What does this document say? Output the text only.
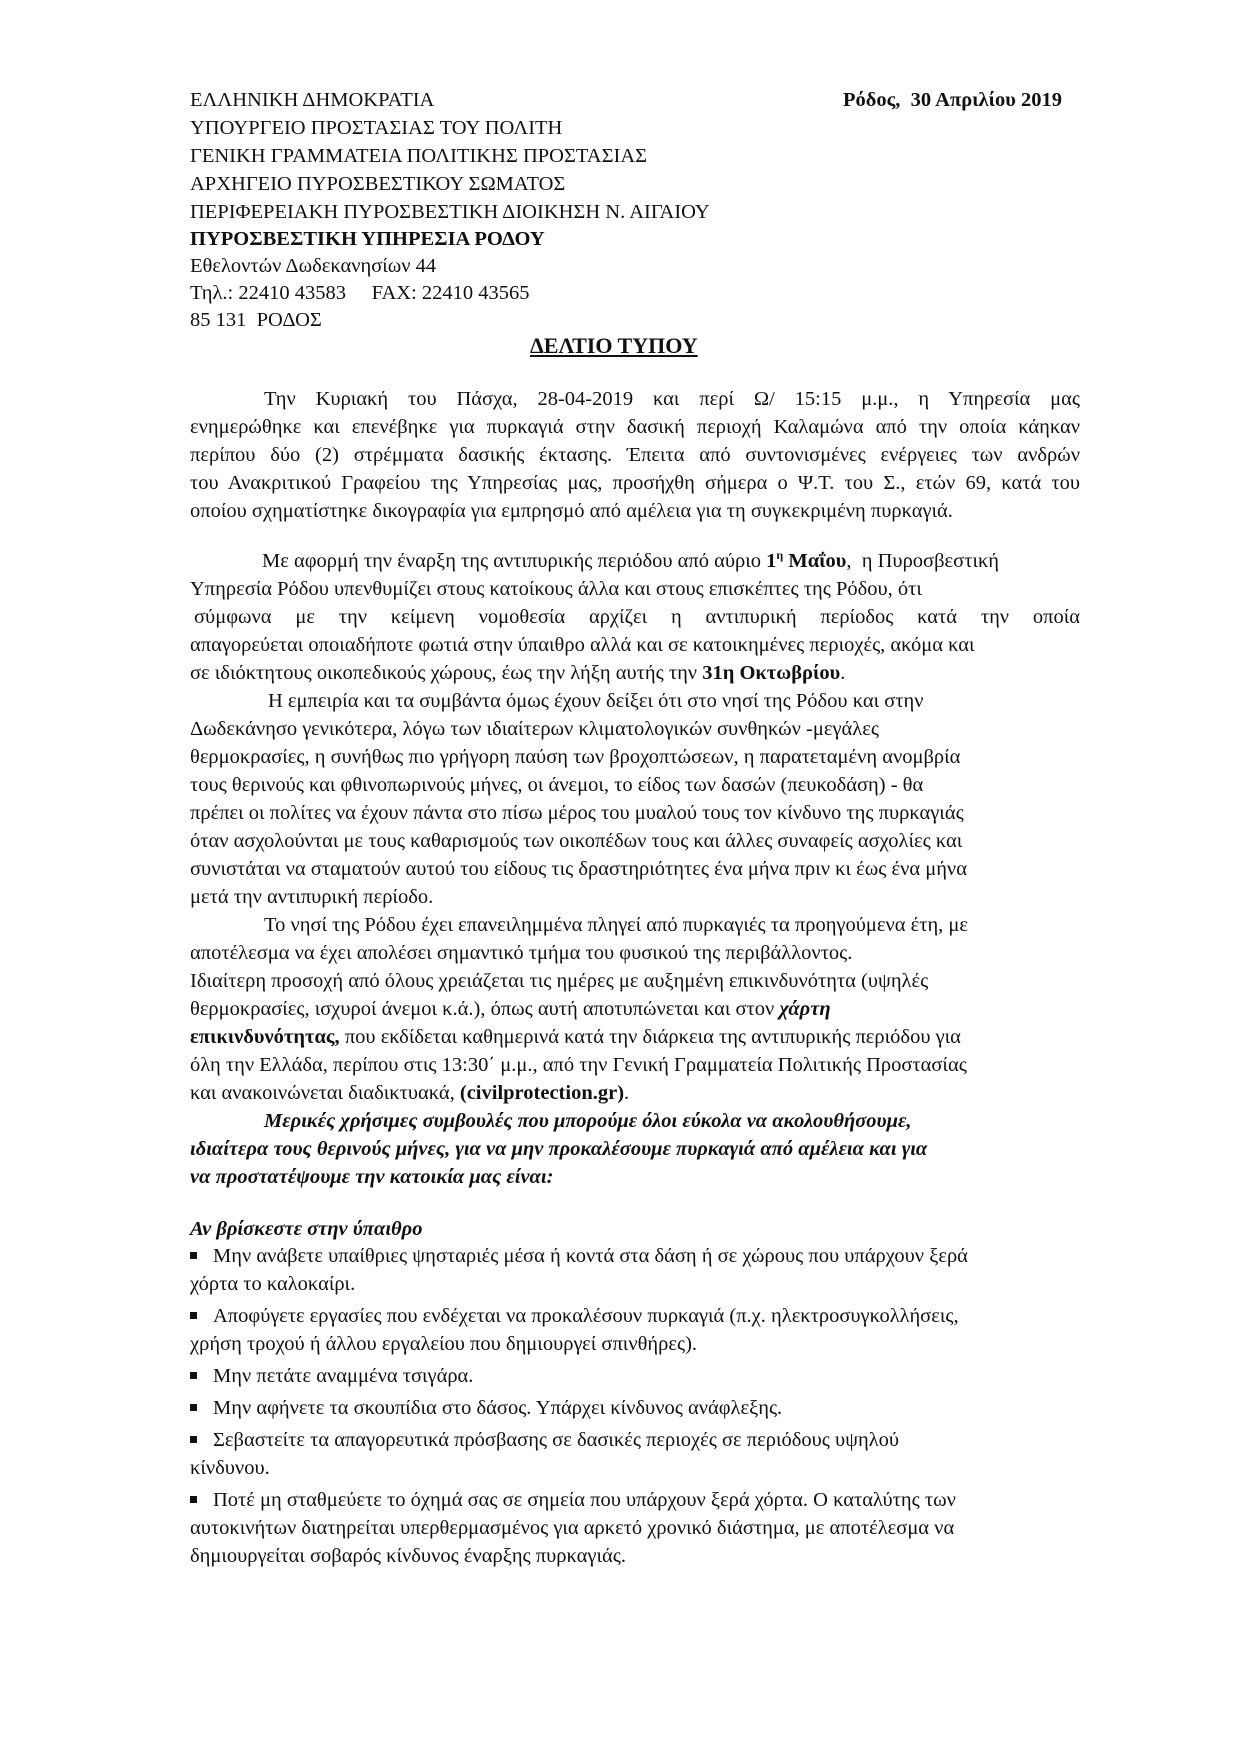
ΕΛΛΗΝΙΚΗ ΔΗΜΟΚΡΑΤΙΑ
ΥΠΟΥΡΓΕΙΟ ΠΡΟΣΤΑΣΙΑΣ ΤΟΥ ΠΟΛΙΤΗ
ΓΕΝΙΚΗ ΓΡΑΜΜΑΤΕΙΑ ΠΟΛΙΤΙΚΗΣ ΠΡΟΣΤΑΣΙΑΣ
ΑΡΧΗΓΕΙΟ ΠΥΡΟΣΒΕΣΤΙΚΟΥ ΣΩΜΑΤΟΣ
ΠΕΡΙΦΕΡΕΙΑΚΗ ΠΥΡΟΣΒΕΣΤΙΚΗ ΔΙΟΙΚΗΣΗ Ν. ΑΙΓΑΙΟΥ
ΠΥΡΟΣΒΕΣΤΙΚΗ ΥΠΗΡΕΣΙΑ ΡΟΔΟΥ
Εθελοντών Δωδεκανησίων 44
Τηλ.: 22410 43583     FAX: 22410 43565
85 131  ΡΟΔΟΣ
Ρόδος,  30 Απριλίου 2019
ΔΕΛΤΙΟ ΤΥΠΟΥ
Την Κυριακή του Πάσχα, 28-04-2019 και περί Ω/ 15:15 μ.μ., η Υπηρεσία μας
ενημερώθηκε και επενέβηκε για πυρκαγιά στην δασική περιοχή Καλαμώνα από την οποία κάηκαν
περίπου δύο (2) στρέμματα δασικής έκτασης. Έπειτα από συντονισμένες ενέργειες των ανδρών
του Ανακριτικού Γραφείου της Υπηρεσίας μας, προσήχθη σήμερα ο Ψ.Τ. του Σ., ετών 69, κατά του
οποίου σχηματίστηκε δικογραφία για εμπρησμό από αμέλεια για τη συγκεκριμένη πυρκαγιά.
Με αφορμή την έναρξη της αντιπυρικής περιόδου από αύριο $1^\eta$ Μαΐου,  η Πυροσβεστική
Υπηρεσία Ρόδου υπενθυμίζει στους κατοίκους άλλα και στους επισκέπτες της Ρόδου, ότι
σύμφωνα με την κείμενη νομοθεσία αρχίζει η αντιπυρική περίοδος κατά την οποία
απαγορεύεται οποιαδήποτε φωτιά στην ύπαιθρο αλλά και σε κατοικημένες περιοχές, ακόμα και
σε ιδιόκτητους οικοπεδικούς χώρους, έως την λήξη αυτής την 31η Οκτωβρίου.
Η εμπειρία και τα συμβάντα όμως έχουν δείξει ότι στο νησί της Ρόδου και στην
Δωδεκάνησο γενικότερα, λόγω των ιδιαίτερων κλιματολογικών συνθηκών -μεγάλες
θερμοκρασίες, η συνήθως πιο γρήγορη παύση των βροχοπτώσεων, η παρατεταμένη ανομβρία
τους θερινούς και φθινοπωρινούς μήνες, οι άνεμοι, το είδος των δασών (πευκοδάση) - θα
πρέπει οι πολίτες να έχουν πάντα στο πίσω μέρος του μυαλού τους τον κίνδυνο της πυρκαγιάς
όταν ασχολούνται με τους καθαρισμούς των οικοπέδων τους και άλλες συναφείς ασχολίες και
συνιστάται να σταματούν αυτού του είδους τις δραστηριότητες ένα μήνα πριν κι έως ένα μήνα
μετά την αντιπυρική περίοδο.
Το νησί της Ρόδου έχει επανειλημμένα πληγεί από πυρκαγιές τα προηγούμενα έτη, με
αποτέλεσμα να έχει απολέσει σημαντικό τμήμα του φυσικού της περιβάλλοντος.
Ιδιαίτερη προσοχή από όλους χρειάζεται τις ημέρες με αυξημένη επικινδυνότητα (υψηλές
θερμοκρασίες, ισχυροί άνεμοι κ.ά.), όπως αυτή αποτυπώνεται και στον χάρτη
επικινδυνότητας, που εκδίδεται καθημερινά κατά την διάρκεια της αντιπυρικής περιόδου για
όλη την Ελλάδα, περίπου στις 13:30΄ μ.μ., από την Γενική Γραμματεία Πολιτικής Προστασίας
και ανακοινώνεται διαδικτυακά, (civilprotection.gr).
Μερικές χρήσιμες συμβουλές που μπορούμε όλοι εύκολα να ακολουθήσουμε,
ιδιαίτερα τους θερινούς μήνες, για να μην προκαλέσουμε πυρκαγιά από αμέλεια και για
να προστατέψουμε την κατοικία μας είναι:
Αν βρίσκεστε στην ύπαιθρο
Μην ανάβετε υπαίθριες ψησταριές μέσα ή κοντά στα δάση ή σε χώρους που υπάρχουν ξερά
χόρτα το καλοκαίρι.
Αποφύγετε εργασίες που ενδέχεται να προκαλέσουν πυρκαγιά (π.χ. ηλεκτροσυγκολλήσεις,
χρήση τροχού ή άλλου εργαλείου που δημιουργεί σπινθήρες).
Μην πετάτε αναμμένα τσιγάρα.
Μην αφήνετε τα σκουπίδια στο δάσος. Υπάρχει κίνδυνος ανάφλεξης.
Σεβαστείτε τα απαγορευτικά πρόσβασης σε δασικές περιοχές σε περιόδους υψηλού
κίνδυνου.
Ποτέ μη σταθμεύετε το όχημά σας σε σημεία που υπάρχουν ξερά χόρτα. Ο καταλύτης των
αυτοκινήτων διατηρείται υπερθερμασμένος για αρκετό χρονικό διάστημα, με αποτέλεσμα να
δημιουργείται σοβαρός κίνδυνος έναρξης πυρκαγιάς.
